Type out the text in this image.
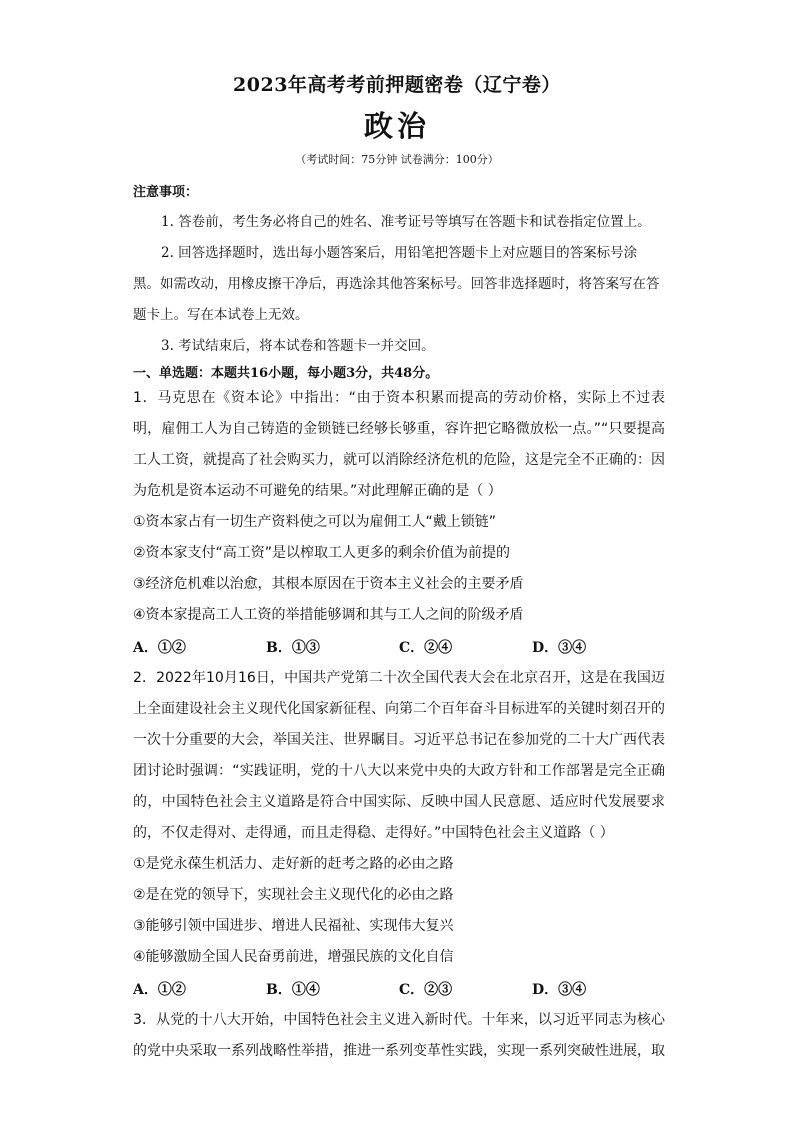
2023年高考考前押题密卷（辽宁卷）
政治
（考试时间：75分钟 试卷满分：100分）
注意事项：
1. 答卷前，考生务必将自己的姓名、准考证号等填写在答题卡和试卷指定位置上。
2. 回答选择题时，选出每小题答案后，用铅笔把答题卡上对应题目的答案标号涂黑。如需改动，用橡皮擦干净后，再选涂其他答案标号。回答非选择题时，将答案写在答题卡上。写在本试卷上无效。
3. 考试结束后，将本试卷和答题卡一并交回。
一、单选题：本题共16小题，每小题3分，共48分。

1．马克思在《资本论》中指出：“由于资本积累而提高的劳动价格，实际上不过表明，雇佣工人为自己铸造的金锁链已经够长够重，容许把它略微放松一点。”“只要提高工人工资，就提高了社会购买力，就可以消除经济危机的危险，这是完全不正确的：因为危机是资本运动不可避免的结果。”对此理解正确的是（ ）

①资本家占有一切生产资料使之可以为雇佣工人“戴上锁链”

②资本家支付“高工资”是以榨取工人更多的剩余价值为前提的

③经济危机难以治愈，其根本原因在于资本主义社会的主要矛盾

④资本家提高工人工资的举措能够调和其与工人之间的阶级矛盾

A．①②	B．①③	C．②④	D．③④

2．2022年10月16日，中国共产党第二十次全国代表大会在北京召开，这是在我国迈上全面建设社会主义现代化国家新征程、向第二个百年奋斗目标进军的关键时刻召开的一次十分重要的大会，举国关注、世界瞩目。习近平总书记在参加党的二十大广西代表团讨论时强调：“实践证明，党的十八大以来党中央的大政方针和工作部署是完全正确的，中国特色社会主义道路是符合中国实际、反映中国人民意愿、适应时代发展要求的，不仅走得对、走得通，而且走得稳、走得好。”中国特色社会主义道路（ ）

①是党永葆生机活力、走好新的赶考之路的必由之路

②是在党的领导下，实现社会主义现代化的必由之路

③能够引领中国进步、增进人民福祉、实现伟大复兴

④能够激励全国人民奋勇前进，增强民族的文化自信

A．①②	B．①④	C．②③	D．③④

3．从党的十八大开始，中国特色社会主义进入新时代。十年来，以习近平同志为核心的党中央采取一系列战略性举措，推进一系列变革性实践，实现一系列突破性进展，取
